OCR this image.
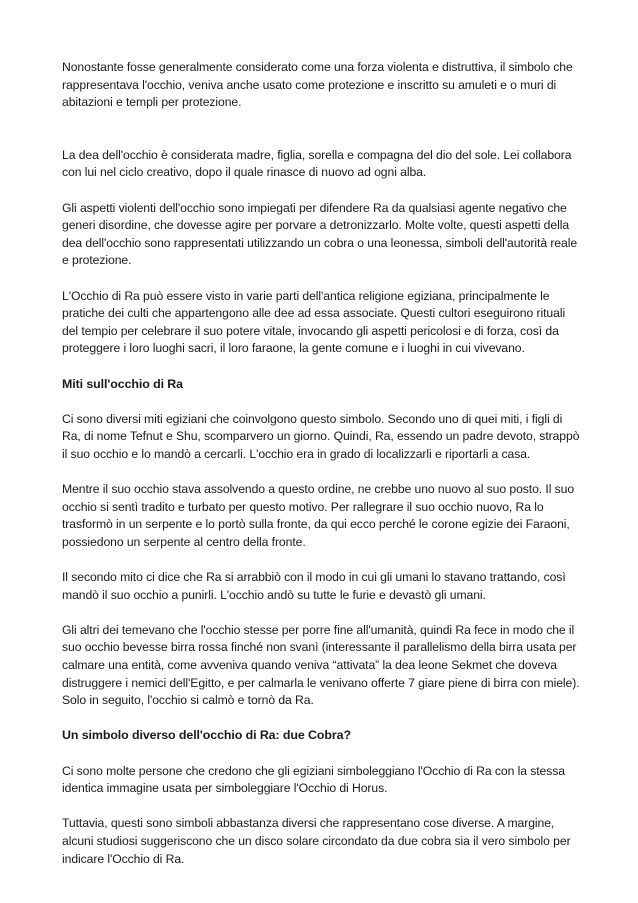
Nonostante fosse generalmente considerato come una forza violenta e distruttiva, il simbolo che rappresentava l'occhio, veniva anche usato come protezione e inscritto su amuleti e o muri di abitazioni e templi per protezione.

La dea dell'occhio è considerata madre, figlia, sorella e compagna del dio del sole. Lei collabora con lui nel ciclo creativo, dopo il quale rinasce di nuovo ad ogni alba.

Gli aspetti violenti dell'occhio sono impiegati per difendere Ra da qualsiasi agente negativo che generi disordine, che dovesse agire per porvare a detronizzarlo. Molte volte, questi aspetti della dea dell'occhio sono rappresentati utilizzando un cobra o una leonessa, simboli dell'autorità reale e protezione.

L'Occhio di Ra può essere visto in varie parti dell'antica religione egiziana, principalmente le pratiche dei culti che appartengono alle dee ad essa associate. Questi cultori eseguirono rituali del tempio per celebrare il suo potere vitale, invocando gli aspetti pericolosi e di forza, così da proteggere i loro luoghi sacri, il loro faraone, la gente comune e i luoghi in cui vivevano.

Miti sull'occhio di Ra

Ci sono diversi miti egiziani che coinvolgono questo simbolo. Secondo uno di quei miti, i figli di Ra, di nome Tefnut e Shu, scomparvero un giorno. Quindi, Ra, essendo un padre devoto, strappò il suo occhio e lo mandò a cercarli. L'occhio era in grado di localizzarli e riportarli a casa.

Mentre il suo occhio stava assolvendo a questo ordine, ne crebbe uno nuovo al suo posto. Il suo occhio si sentì tradito e turbato per questo motivo. Per rallegrare il suo occhio nuovo, Ra lo trasformò in un serpente e lo portò sulla fronte, da qui ecco perché le corone egizie dei Faraoni, possiedono un serpente al centro della fronte.

Il secondo mito ci dice che Ra si arrabbiò con il modo in cui gli umani lo stavano trattando, così mandò il suo occhio a punirli. L'occhio andò su tutte le furie e devastò gli umani.

Gli altri dei temevano che l'occhio stesse per porre fine all'umanità, quindi Ra fece in modo che il suo occhio bevesse birra rossa finché non svanì (interessante il parallelismo della birra usata per calmare una entità, come avveniva quando veniva “attivata” la dea leone Sekmet che doveva distruggere i nemici dell'Egitto, e per calmarla le venivano offerte 7 giare piene di birra con miele). Solo in seguito, l'occhio si calmò e tornò da Ra.

Un simbolo diverso dell'occhio di Ra: due Cobra?

Ci sono molte persone che credono che gli egiziani simboleggiano l'Occhio di Ra con la stessa identica immagine usata per simboleggiare l'Occhio di Horus.

Tuttavia, questi sono simboli abbastanza diversi che rappresentano cose diverse. A margine, alcuni studiosi suggeriscono che un disco solare circondato da due cobra sia il vero simbolo per indicare l'Occhio di Ra.
